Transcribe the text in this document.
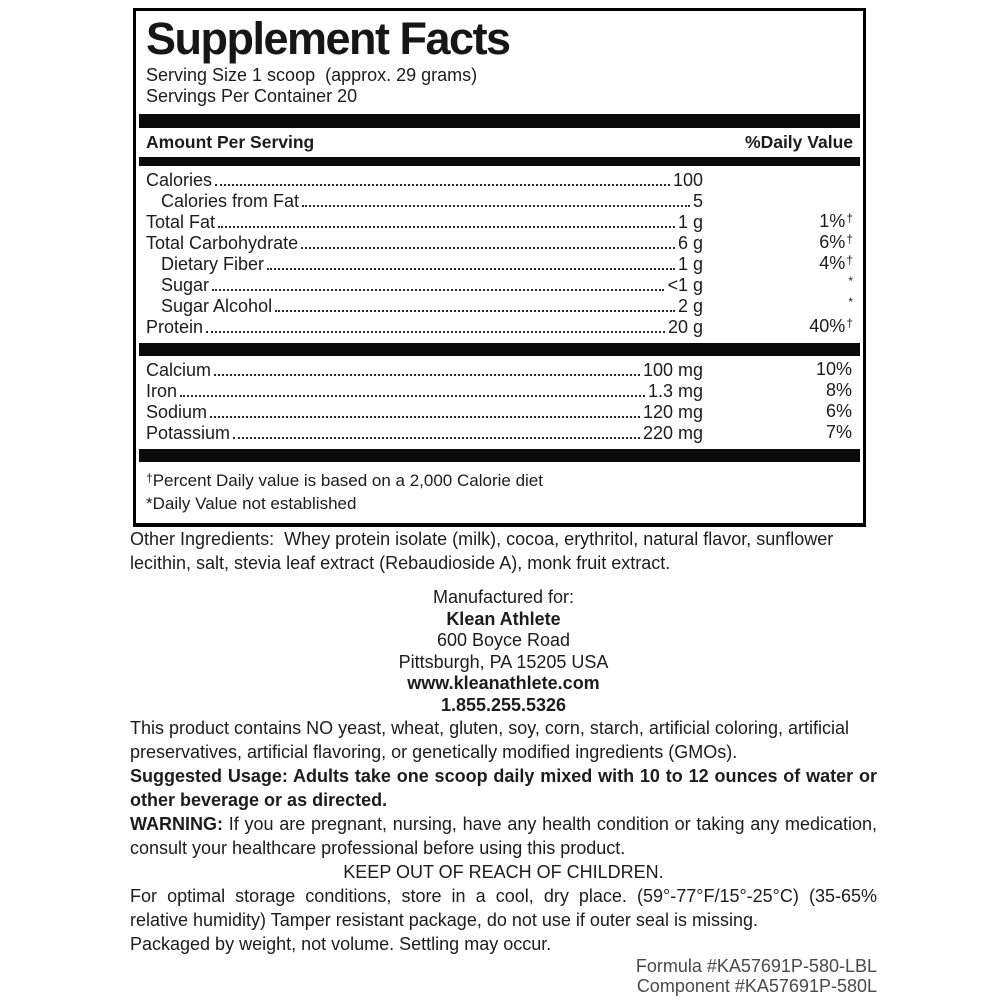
Supplement Facts
Serving Size 1 scoop  (approx. 29 grams)
Servings Per Container 20
Amount Per Serving	%Daily Value
Calories	100
Calories from Fat	5
Total Fat	1 g	1%†
Total Carbohydrate	6 g	6%†
Dietary Fiber	1 g	4%†
Sugar	<1 g	*
Sugar Alcohol	2 g	*
Protein	20 g	40%†
Calcium	100 mg	10%
Iron	1.3 mg	8%
Sodium	120 mg	6%
Potassium	220 mg	7%
†Percent Daily value is based on a 2,000 Calorie diet
*Daily Value not established

Other Ingredients:  Whey protein isolate (milk), cocoa, erythritol, natural flavor, sunflower lecithin, salt, stevia leaf extract (Rebaudioside A), monk fruit extract.

Manufactured for:

Klean Athlete

600 Boyce Road

Pittsburgh, PA 15205 USA

www.kleanathlete.com

1.855.255.5326

This product contains NO yeast, wheat, gluten, soy, corn, starch, artificial coloring, artificial preservatives, artificial flavoring, or genetically modified ingredients (GMOs).

Suggested Usage: Adults take one scoop daily mixed with 10 to 12 ounces of water or other beverage or as directed.

WARNING: If you are pregnant, nursing, have any health condition or taking any medication, consult your healthcare professional before using this product.

KEEP OUT OF REACH OF CHILDREN.

For optimal storage conditions, store in a cool, dry place. (59°-77°F/15°-25°C) (35-65% relative humidity) Tamper resistant package, do not use if outer seal is missing.

Packaged by weight, not volume. Settling may occur.

Formula #KA57691P-580-LBL

Component #KA57691P-580L
